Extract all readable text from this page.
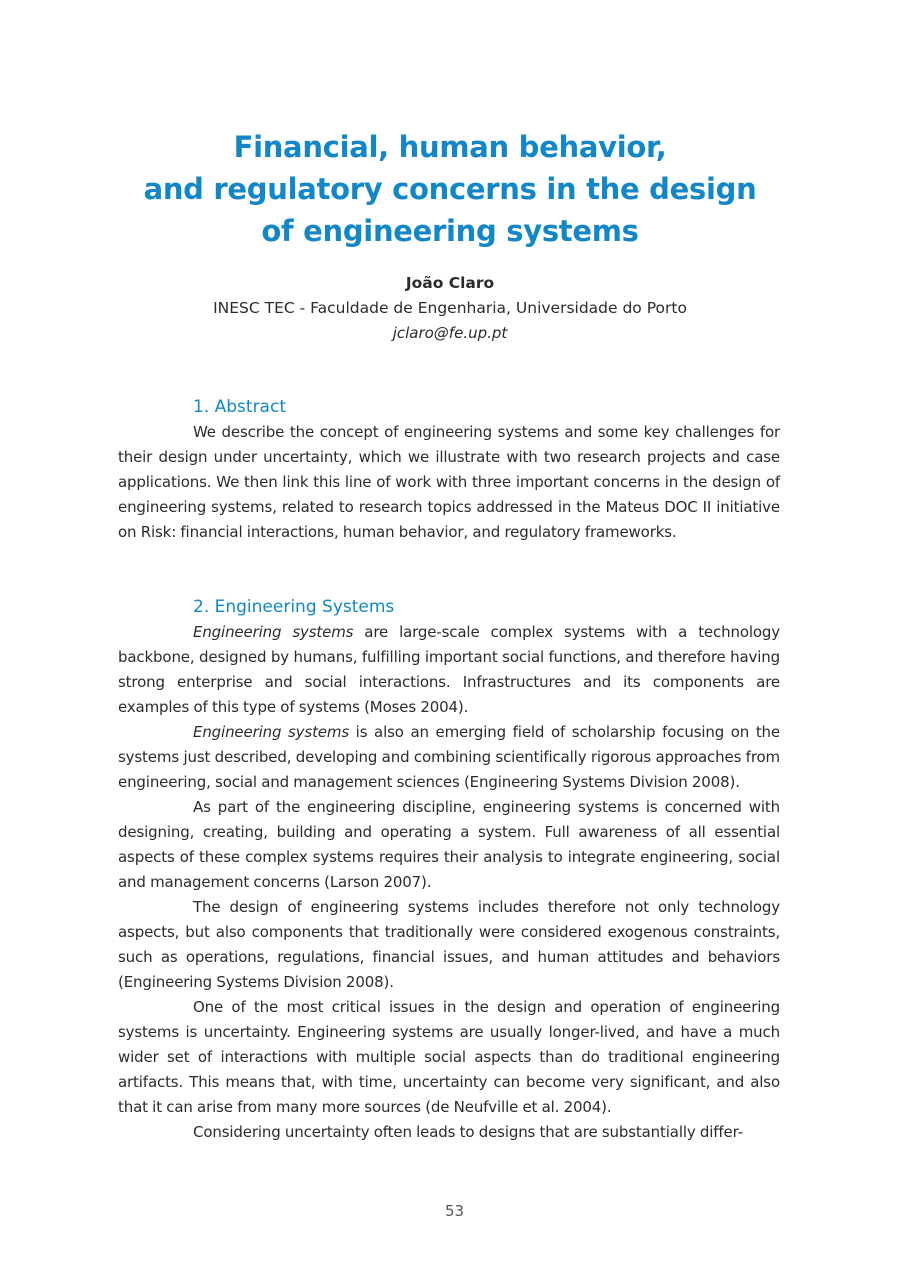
Financial, human behavior,
and regulatory concerns in the design
of engineering systems
João Claro
INESC TEC - Faculdade de Engenharia, Universidade do Porto
jclaro@fe.up.pt
1. Abstract

We describe the concept of engineering systems and some key challenges for their design under uncertainty, which we illustrate with two research projects and case applications. We then link this line of work with three important concerns in the design of engineering systems, related to research topics addressed in the Mateus DOC II initiative on Risk: financial interactions, human behavior, and regulatory frameworks.

2. Engineering Systems

Engineering systems are large-scale complex systems with a technology backbone, designed by humans, fulfilling important social functions, and therefore having strong enterprise and social interactions. Infrastructures and its components are examples of this type of systems (Moses 2004).

Engineering systems is also an emerging field of scholarship focusing on the systems just described, developing and combining scientifically rigorous approaches from engineering, social and management sciences (Engineering Systems Division 2008).

As part of the engineering discipline, engineering systems is concerned with designing, creating, building and operating a system. Full awareness of all essential aspects of these complex systems requires their analysis to integrate engineering, social and management concerns (Larson 2007).

The design of engineering systems includes therefore not only technology aspects, but also components that traditionally were considered exogenous constraints, such as operations, regulations, financial issues, and human attitudes and behaviors (Engineering Systems Division 2008).

One of the most critical issues in the design and operation of engineering systems is uncertainty. Engineering systems are usually longer-lived, and have a much wider set of interactions with multiple social aspects than do traditional engineering artifacts. This means that, with time, uncertainty can become very significant, and also that it can arise from many more sources (de Neufville et al. 2004).

Considering uncertainty often leads to designs that are substantially differ-

53
